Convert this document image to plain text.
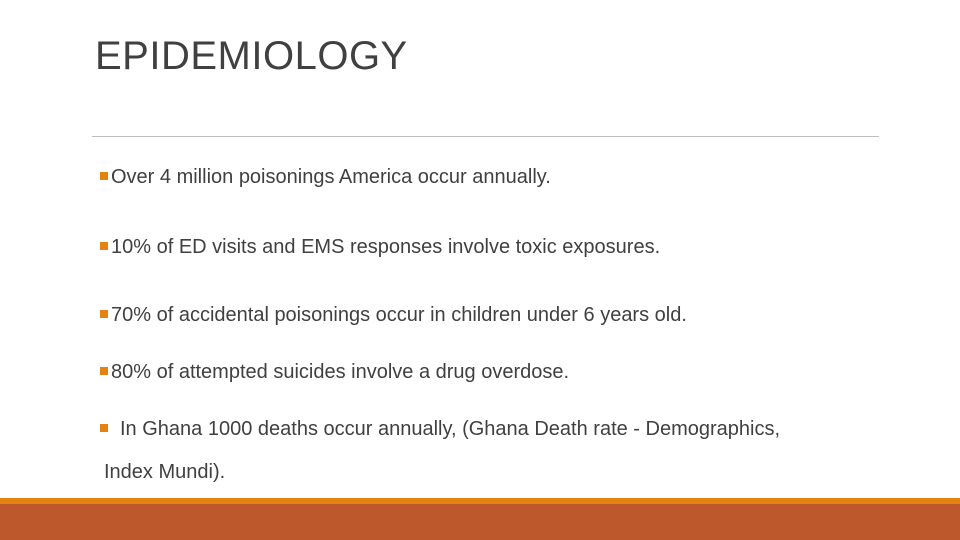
EPIDEMIOLOGY
Over 4 million poisonings America occur annually.
10% of ED visits and EMS responses involve toxic exposures.
70% of accidental poisonings occur in children under 6 years old.
80% of attempted suicides involve a drug overdose.
In Ghana 1000 deaths occur annually, (Ghana Death rate - Demographics,
Index Mundi).
